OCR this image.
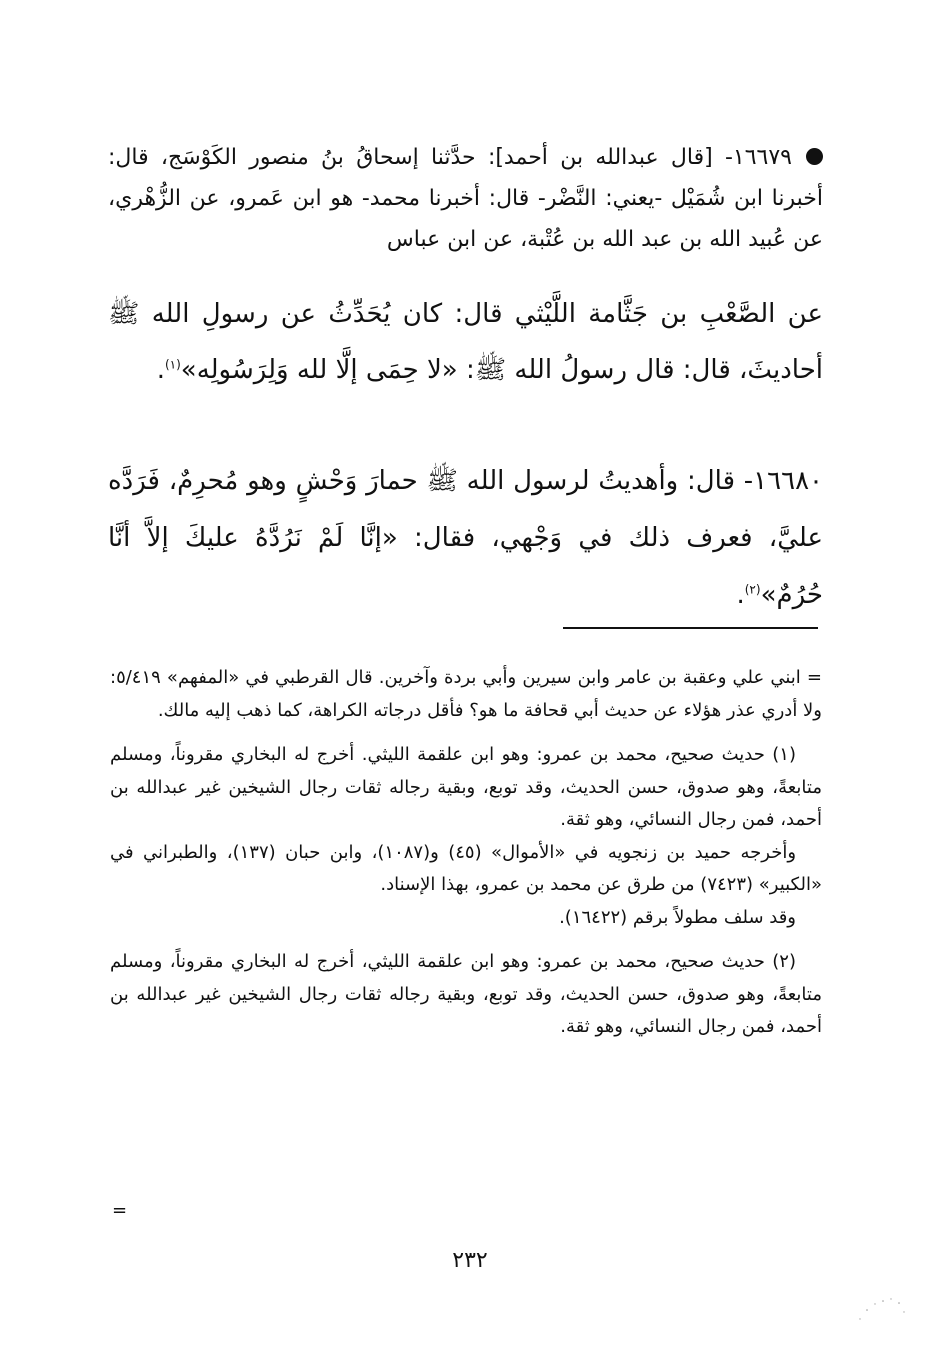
١٦٦٧٩- [قال عبدالله بن أحمد]: حدَّثنا إسحاقُ بنُ منصور الكَوْسَج، قال: أخبرنا ابن شُمَيْل -يعني: النَّضْر- قال: أخبرنا محمد- هو ابن عَمرو، عن الزُّهْري، عن عُبيد الله بن عبد الله بن عُتْبة، عن ابن عباس

عن الصَّعْبِ بن جَثَّامة اللَّيْثي قال: كان يُحَدِّثُ عن رسولِ الله ﷺ أحاديثَ، قال: قال رسولُ الله ﷺ: «لا حِمَى إلَّا لله وَلِرَسُولِه»$^{(١)}$.

١٦٦٨٠- قال: وأهديتُ لرسول الله ﷺ حمارَ وَحْشٍ وهو مُحرِمٌ، فَرَدَّه عليَّ، فعرف ذلك في وَجْهي، فقال: «إنَّا لَمْ نَرُدَّهُ عليكَ إلاَّ أنَّا حُرُمٌ»$^{(٢)}$.

= ابني علي وعقبة بن عامر وابن سيرين وأبي بردة وآخرين. قال القرطبي في «المفهم» ٥/٤١٩: ولا أدري عذر هؤلاء عن حديث أبي قحافة ما هو؟ فأقل درجاته الكراهة، كما ذهب إليه مالك.

(١) حديث صحيح، محمد بن عمرو: وهو ابن علقمة الليثي. أخرج له البخاري مقروناً، ومسلم متابعةً، وهو صدوق، حسن الحديث، وقد توبع، وبقية رجاله ثقات رجال الشيخين غير عبدالله بن أحمد، فمن رجال النسائي، وهو ثقة.

وأخرجه حميد بن زنجويه في «الأموال» (٤٥) و(١٠٨٧)، وابن حبان (١٣٧)، والطبراني في «الكبير» (٧٤٢٣) من طرق عن محمد بن عمرو، بهذا الإسناد.

وقد سلف مطولاً برقم (١٦٤٢٢).

(٢) حديث صحيح، محمد بن عمرو: وهو ابن علقمة الليثي، أخرج له البخاري مقروناً، ومسلم متابعةً، وهو صدوق، حسن الحديث، وقد توبع، وبقية رجاله ثقات رجال الشيخين غير عبدالله بن أحمد، فمن رجال النسائي، وهو ثقة.

=
٢٣٢
